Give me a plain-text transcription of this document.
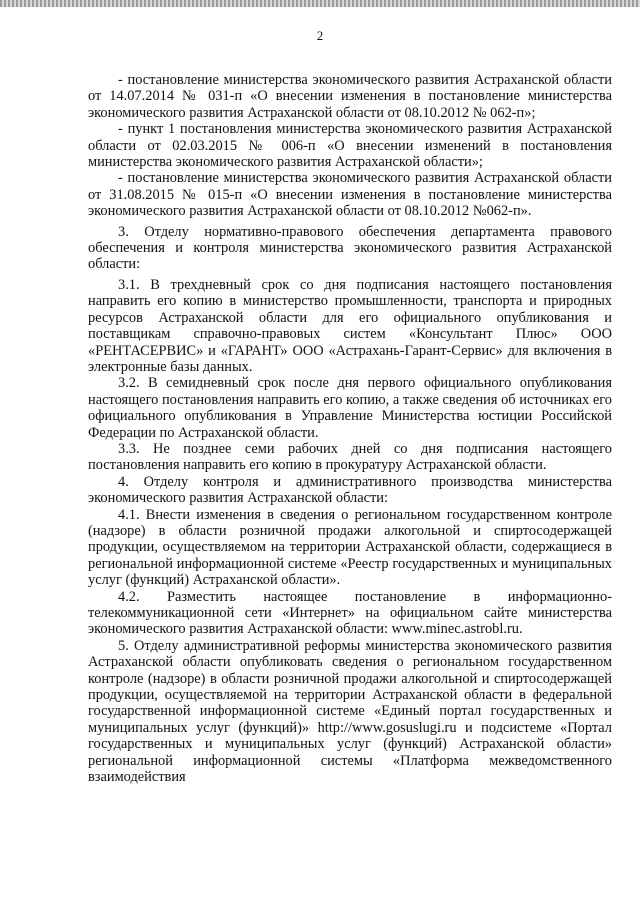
2

- постановление министерства экономического развития Астраханской области от 14.07.2014 № 031-п «О внесении изменения в постановление министерства экономического развития Астраханской области от 08.10.2012 № 062-п»;

- пункт 1 постановления министерства экономического развития Астраханской области от 02.03.2015 № 006-п «О внесении изменений в постановления министерства экономического развития Астраханской области»;

- постановление министерства экономического развития Астраханской области от 31.08.2015 № 015-п «О внесении изменения в постановление министерства экономического развития Астраханской области от 08.10.2012 №062-п».

3. Отделу нормативно-правового обеспечения департамента правового обеспечения и контроля министерства экономического развития Астраханской области:

3.1. В трехдневный срок со дня подписания настоящего постановления направить его копию в министерство промышленности, транспорта и природных ресурсов Астраханской области для его официального опубликования и поставщикам справочно-правовых систем «Консультант Плюс» ООО «РЕНТАСЕРВИС» и «ГАРАНТ» ООО «Астрахань-Гарант-Сервис» для включения в электронные базы данных.

3.2. В семидневный срок после дня первого официального опубликования настоящего постановления направить его копию, а также сведения об источниках его официального опубликования в Управление Министерства юстиции Российской Федерации по Астраханской области.

3.3. Не позднее семи рабочих дней со дня подписания настоящего постановления направить его копию в прокуратуру Астраханской области.

4. Отделу контроля и административного производства министерства экономического развития Астраханской области:

4.1. Внести изменения в сведения о региональном государственном контроле (надзоре) в области розничной продажи алкогольной и спиртосодержащей продукции, осуществляемом на территории Астраханской области, содержащиеся в региональной информационной системе «Реестр государственных и муниципальных услуг (функций) Астраханской области».

4.2. Разместить настоящее постановление в информационно-телекоммуникационной сети «Интернет» на официальном сайте министерства экономического развития Астраханской области: www.minec.astrobl.ru.

5. Отделу административной реформы министерства экономического развития Астраханской области опубликовать сведения о региональном государственном контроле (надзоре) в области розничной продажи алкогольной и спиртосодержащей продукции, осуществляемой на территории Астраханской области в федеральной государственной информационной системе «Единый портал государственных и муниципальных услуг (функций)» http://www.gosuslugi.ru и подсистеме «Портал государственных и муниципальных услуг (функций) Астраханской области» региональной информационной системы «Платформа межведомственного взаимодействия
